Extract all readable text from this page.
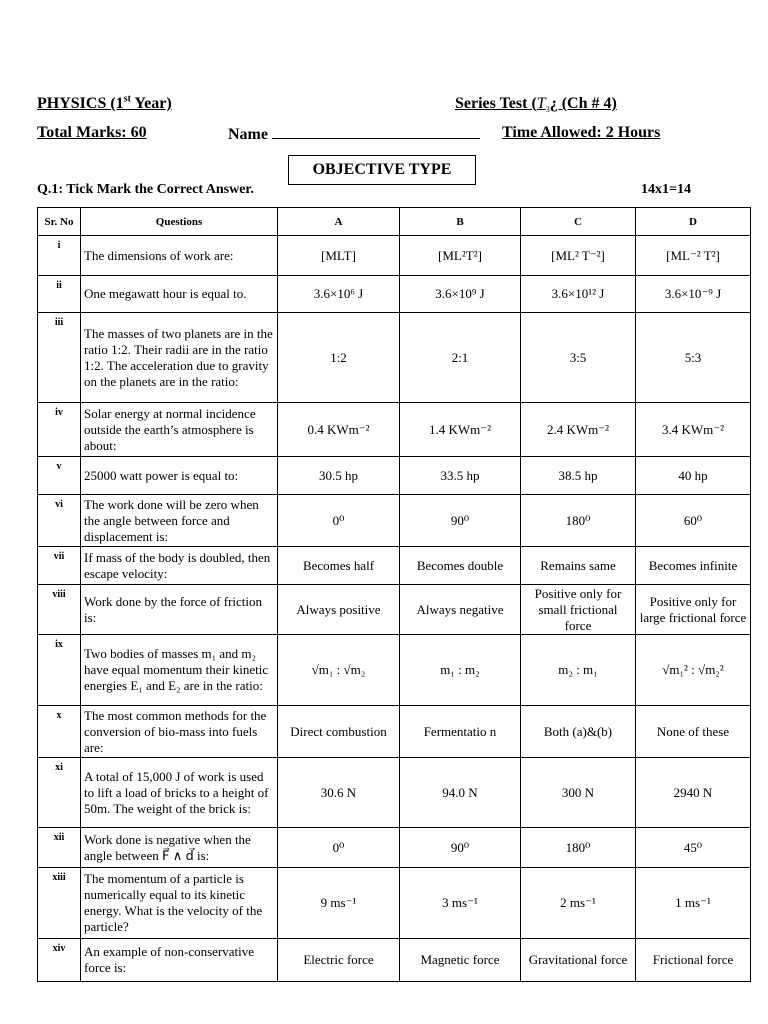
PHYSICS (1st Year)	Series Test ($T_3¿$ (Ch # 4)
Total Marks: 60	Name	Time Allowed: 2 Hours
OBJECTIVE TYPE
Q.1: Tick Mark the Correct Answer.	14x1=14
Sr. No	Questions	A	B	C	D
i	The dimensions of work are:	[MLT]	[ML²T²]	[ML² T⁻²]	[ML⁻² T²]
ii	One megawatt hour is equal to.	3.6×10⁶ J	3.6×10⁹ J	3.6×10¹² J	3.6×10⁻⁹ J
iii	The masses of two planets are in the ratio 1:2. Their radii are in the ratio 1:2. The acceleration due to gravity on the planets are in the ratio:	1:2	2:1	3:5	5:3
iv	Solar energy at normal incidence outside the earth’s atmosphere is about:	0.4 KWm⁻²	1.4 KWm⁻²	2.4 KWm⁻²	3.4 KWm⁻²
v	25000 watt power is equal to:	30.5 hp	33.5 hp	38.5 hp	40 hp
vi	The work done will be zero when the angle between force and displacement is:	0⁰	90⁰	180⁰	60⁰
vii	If mass of the body is doubled, then escape velocity:	Becomes half	Becomes double	Remains same	Becomes infinite
viii	Work done by the force of friction is:	Always positive	Always negative	Positive only for small frictional force	Positive only for large frictional force
ix	Two bodies of masses m₁ and m₂ have equal momentum their kinetic energies E₁ and E₂ are in the ratio:	√m₁ : √m₂	m₁ : m₂	m₂ : m₁	√m₁² : √m₂²
x	The most common methods for the conversion of bio-mass into fuels are:	Direct combustion	Fermentatio n	Both (a)&(b)	None of these
xi	A total of 15,000 J of work is used to lift a load of bricks to a height of 50m. The weight of the brick is:	30.6 N	94.0 N	300 N	2940 N
xii	Work done is negative when the angle between F⃗ ∧ d⃗ is:	0⁰	90⁰	180⁰	45⁰
xiii	The momentum of a particle is numerically equal to its kinetic energy. What is the velocity of the particle?	9 ms⁻¹	3 ms⁻¹	2 ms⁻¹	1 ms⁻¹
xiv	An example of non-conservative force is:	Electric force	Magnetic force	Gravitational force	Frictional force
